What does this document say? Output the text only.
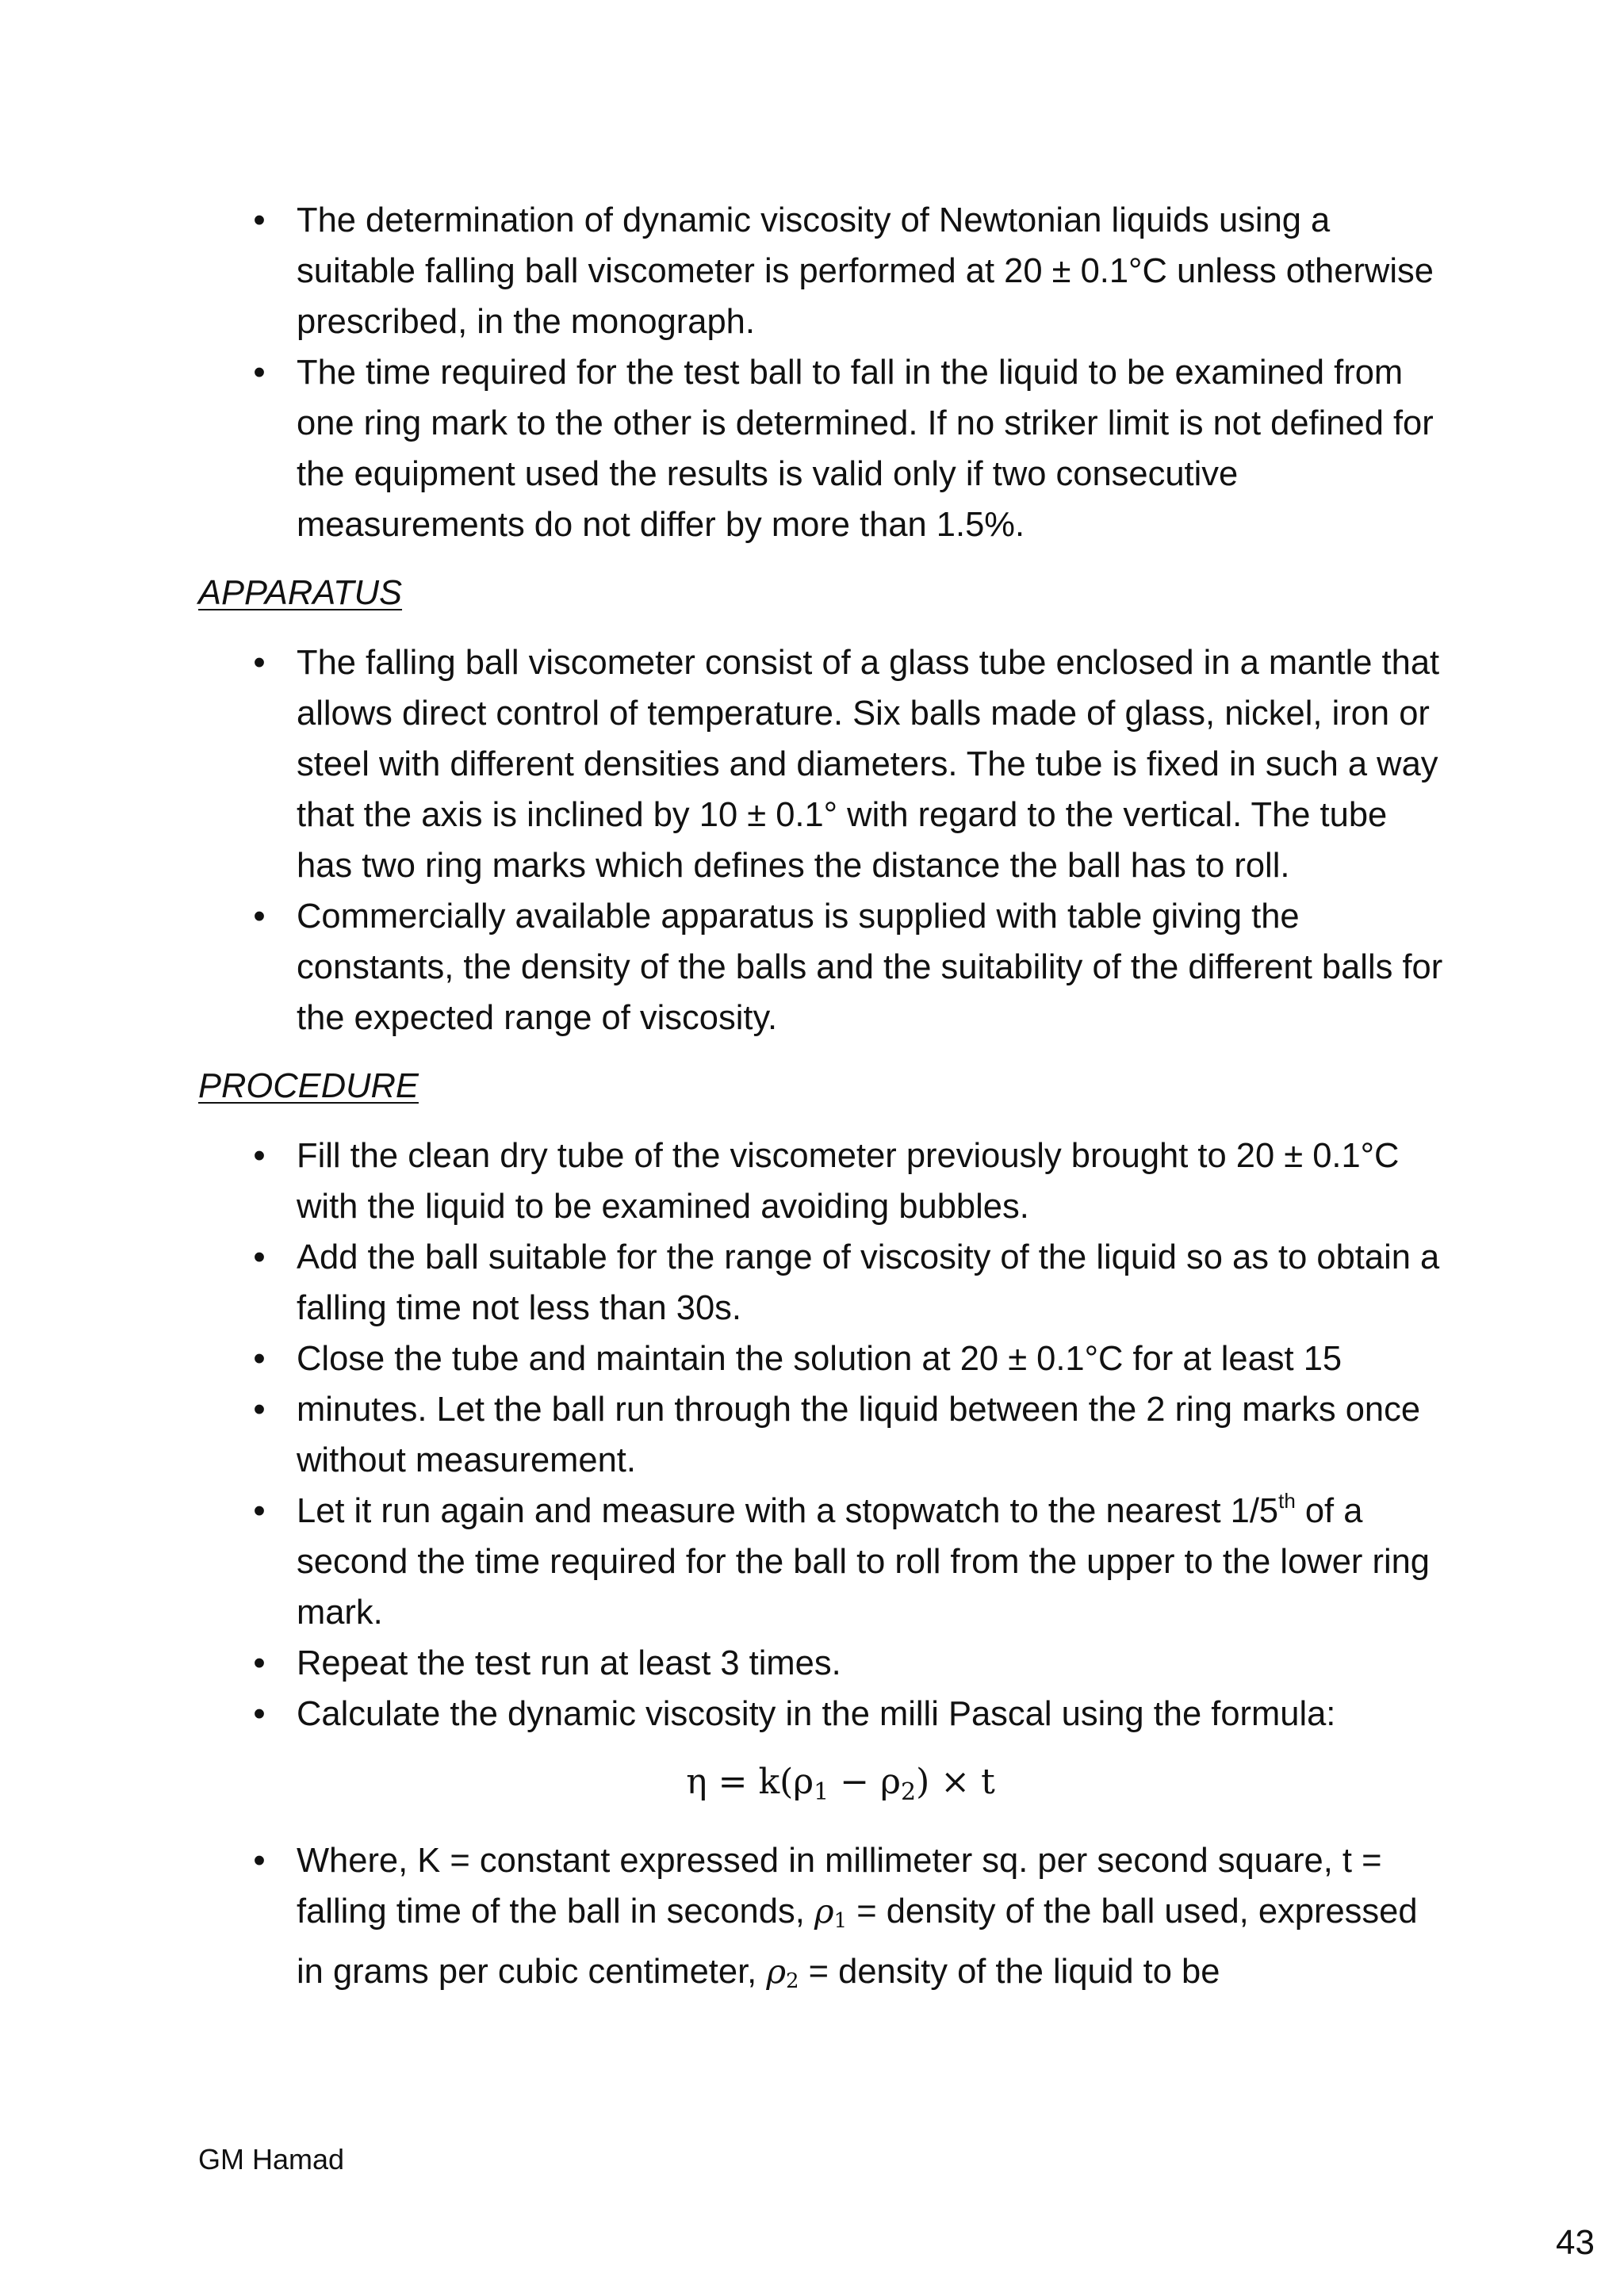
• The determination of dynamic viscosity of Newtonian liquids using a suitable falling ball viscometer is performed at 20 ± 0.1°C unless otherwise prescribed, in the monograph.
• The time required for the test ball to fall in the liquid to be examined from one ring mark to the other is determined. If no striker limit is not defined for the equipment used the results is valid only if two consecutive measurements do not differ by more than 1.5%.
APPARATUS
• The falling ball viscometer consist of a glass tube enclosed in a mantle that allows direct control of temperature. Six balls made of glass, nickel, iron or steel with different densities and diameters. The tube is fixed in such a way that the axis is inclined by 10 ± 0.1° with regard to the vertical. The tube has two ring marks which defines the distance the ball has to roll.
• Commercially available apparatus is supplied with table giving the constants, the density of the balls and the suitability of the different balls for the expected range of viscosity.
PROCEDURE
• Fill the clean dry tube of the viscometer previously brought to 20 ± 0.1°C with the liquid to be examined avoiding bubbles.
• Add the ball suitable for the range of viscosity of the liquid so as to obtain a falling time not less than 30s.
• Close the tube and maintain the solution at 20 ± 0.1°C for at least 15
• minutes. Let the ball run through the liquid between the 2 ring marks once without measurement.
• Let it run again and measure with a stopwatch to the nearest 1/5th of a second the time required for the ball to roll from the upper to the lower ring mark.
• Repeat the test run at least 3 times.
• Calculate the dynamic viscosity in the milli Pascal using the formula:
$\eta = k(\rho_1 - \rho_2) \times t$
• Where, K = constant expressed in millimeter sq. per second square, t = falling time of the ball in seconds, $\rho_1$ = density of the ball used, expressed in grams per cubic centimeter, $\rho_2$ = density of the liquid to be
GM Hamad
43
